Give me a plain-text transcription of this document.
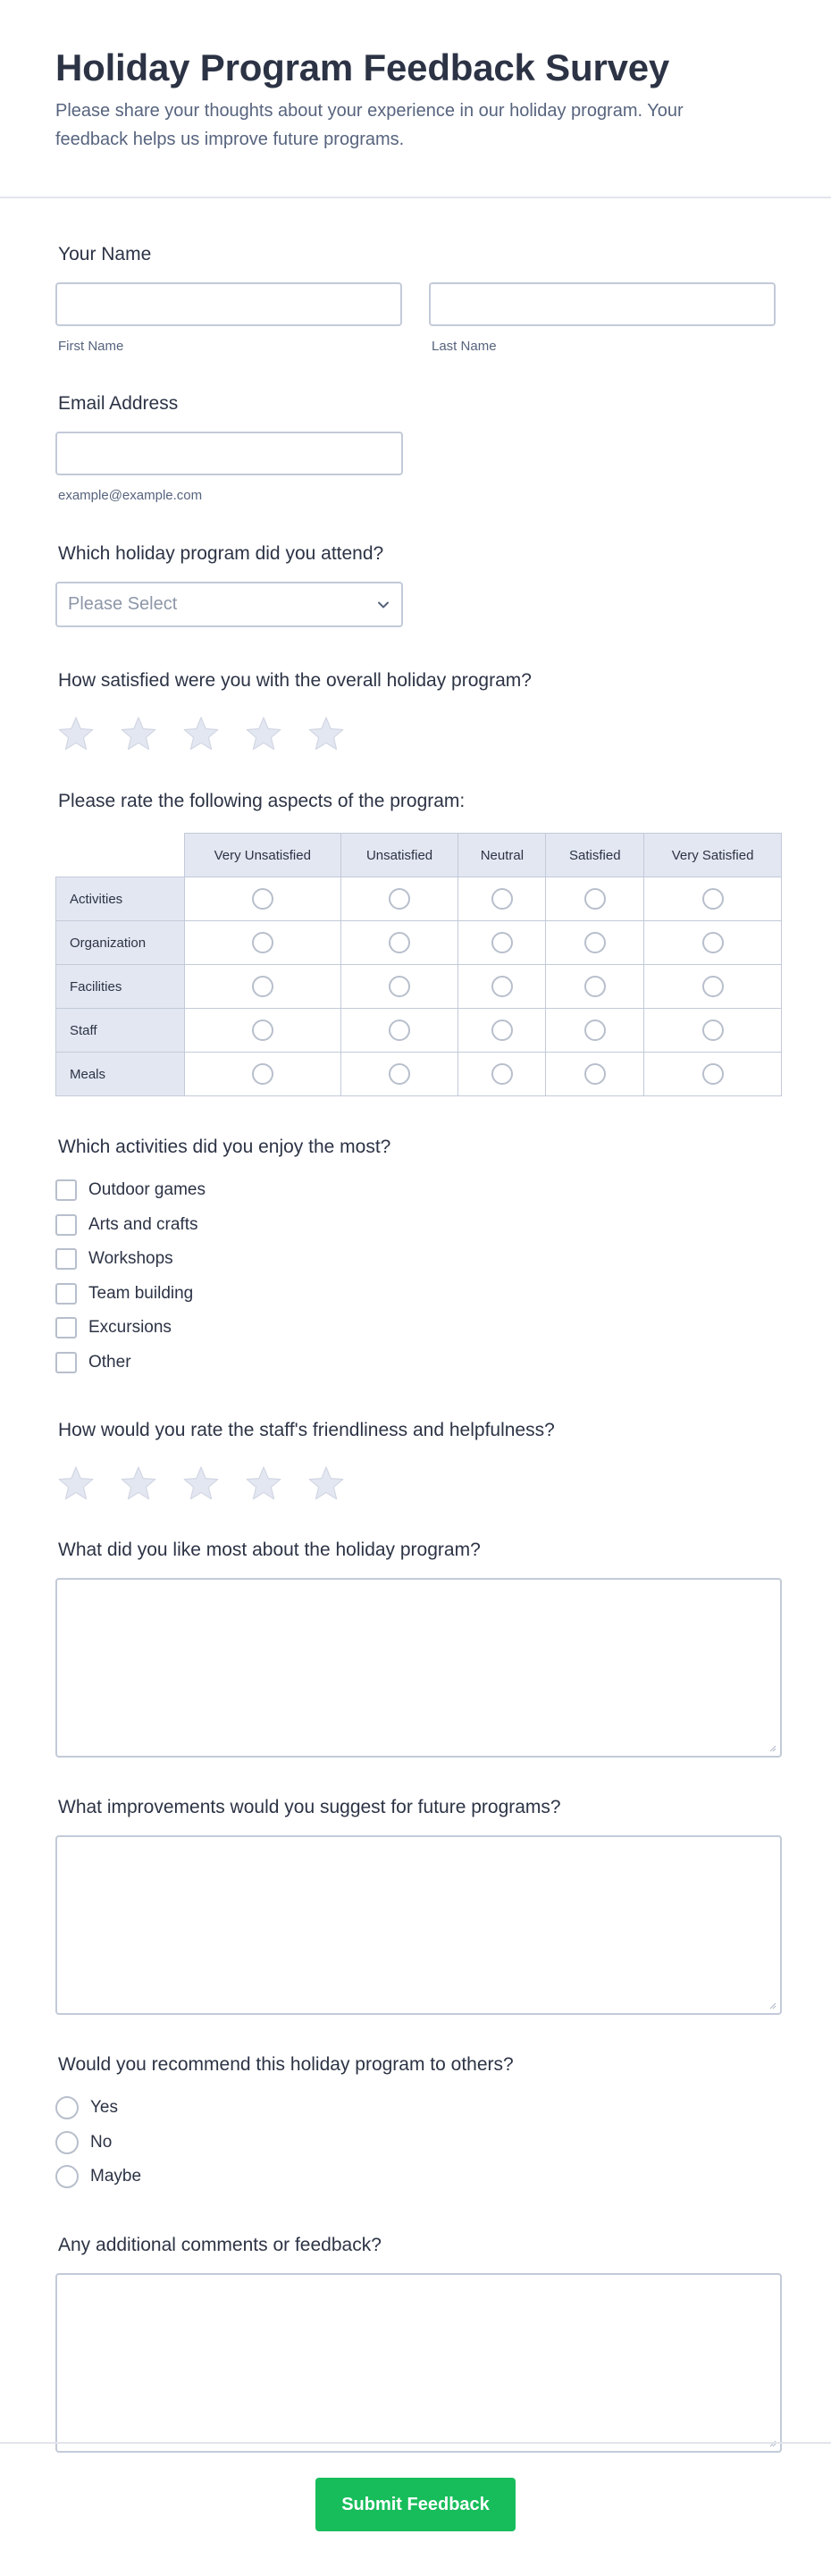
Holiday Program Feedback Survey

Please share your thoughts about your experience in our holiday program. Your feedback helps us improve future programs.

Your Name
First Name	Last Name
Email Address
example@example.com
Which holiday program did you attend?
Please Select
How satisfied were you with the overall holiday program?
Please rate the following aspects of the program:
	Very Unsatisfied	Unsatisfied	Neutral	Satisfied	Very Satisfied
Activities					
Organization					
Facilities					
Staff					
Meals					
Which activities did you enjoy the most?
Outdoor games
Arts and crafts
Workshops
Team building
Excursions
Other
How would you rate the staff's friendliness and helpfulness?
What did you like most about the holiday program?
What improvements would you suggest for future programs?
Would you recommend this holiday program to others?
Yes
No
Maybe
Any additional comments or feedback?
Submit Feedback
